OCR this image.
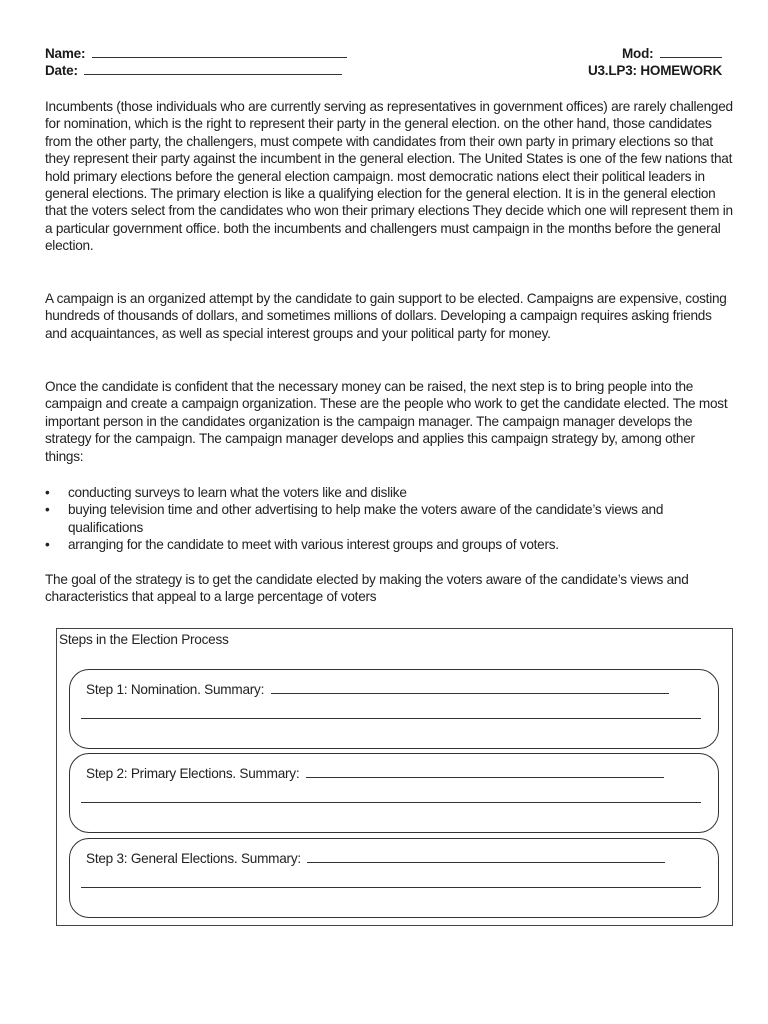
Name:
Date:
Mod:
U3.LP3: HOMEWORK

Incumbents (those individuals who are currently serving as representatives in government offices) are rarely challenged for nomination, which is the right to represent their party in the general election. on the other hand, those candidates from the other party, the challengers, must compete with candidates from their own party in primary elections so that they represent their party against the incumbent in the general election. The United States is one of the few nations that hold primary elections before the general election campaign. most democratic nations elect their political leaders in general elections. The primary election is like a qualifying election for the general election. It is in the general election that the voters select from the candidates who won their primary elections They decide which one will represent them in a particular government office. both the incumbents and challengers must campaign in the months before the general election.

A campaign is an organized attempt by the candidate to gain support to be elected. Campaigns are expensive, costing hundreds of thousands of dollars, and sometimes millions of dollars. Developing a campaign requires asking friends and acquaintances, as well as special interest groups and your political party for money.

Once the candidate is confident that the necessary money can be raised, the next step is to bring people into the campaign and create a campaign organization. These are the people who work to get the candidate elected. The most important person in the candidates organization is the campaign manager. The campaign manager develops the strategy for the campaign. The campaign manager develops and applies this campaign strategy by, among other things:

• conducting surveys to learn what the voters like and dislike
• buying television time and other advertising to help make the voters aware of the candidate’s views and qualifications
• arranging for the candidate to meet with various interest groups and groups of voters.

The goal of the strategy is to get the candidate elected by making the voters aware of the candidate’s views and characteristics that appeal to a large percentage of voters

Steps in the Election Process
Step 1: Nomination. Summary:
Step 2: Primary Elections. Summary:
Step 3: General Elections. Summary:
